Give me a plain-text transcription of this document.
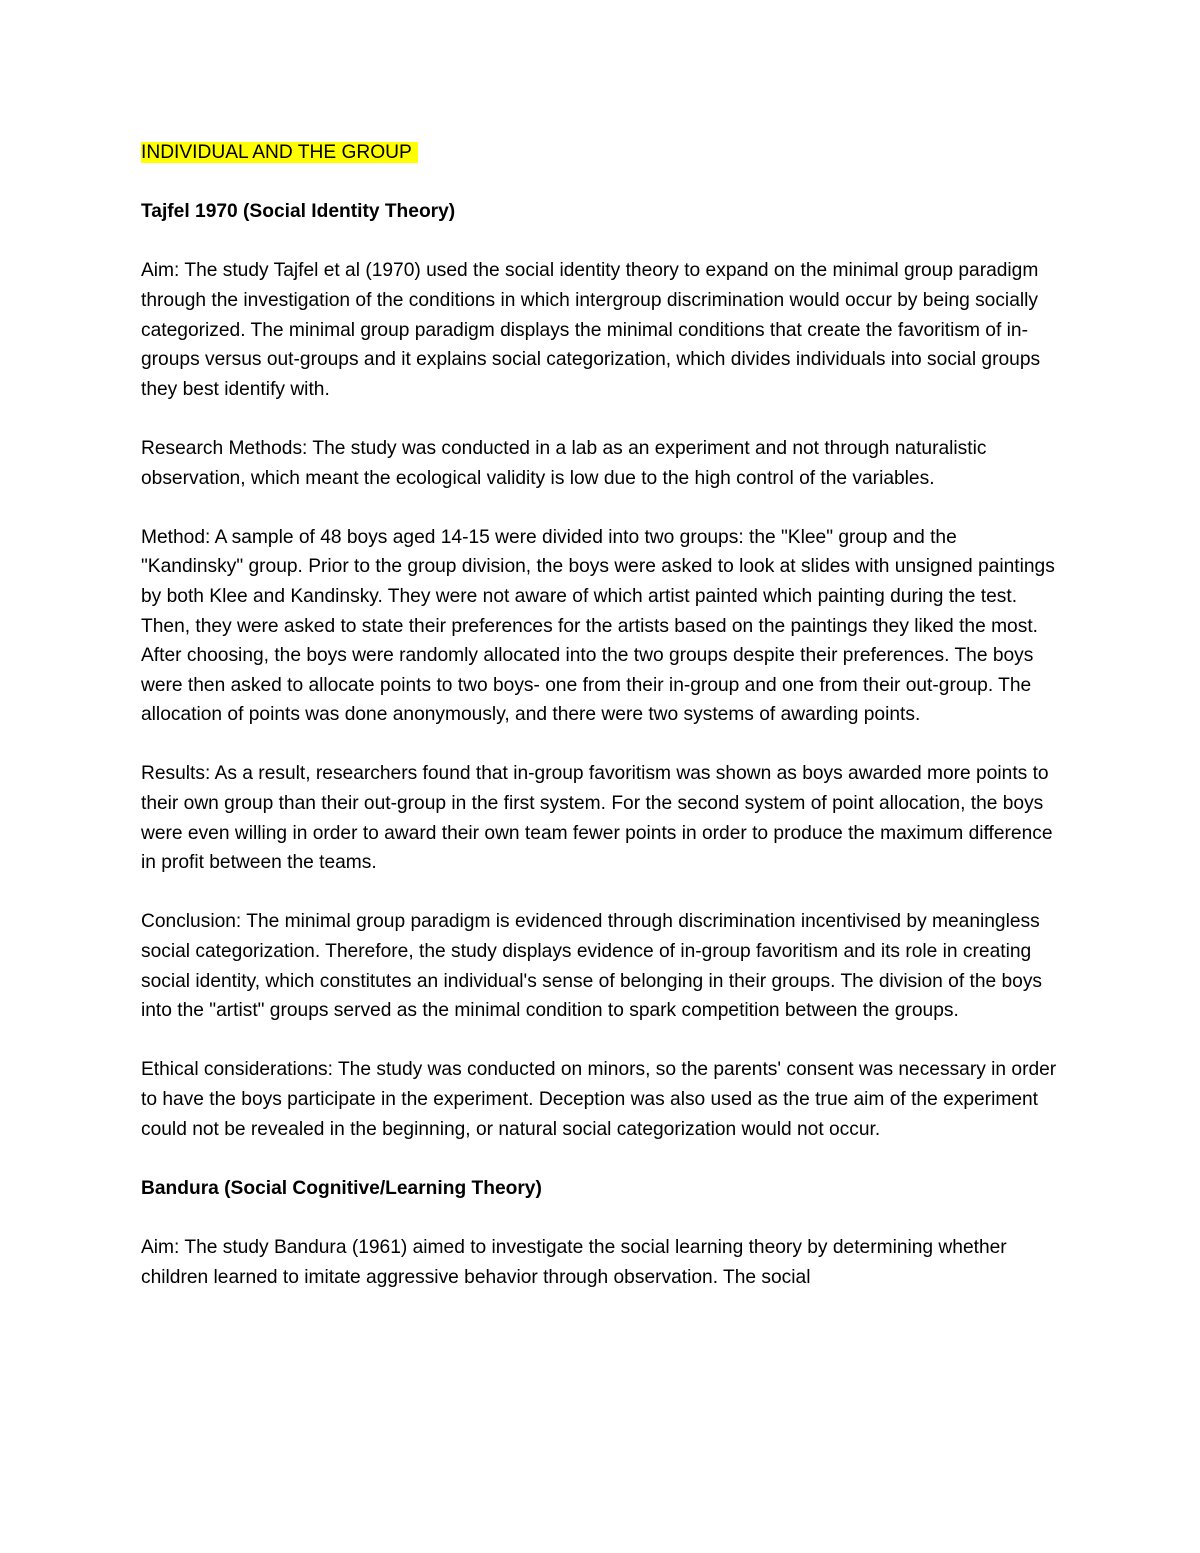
INDIVIDUAL AND THE GROUP
Tajfel 1970 (Social Identity Theory)

Aim: The study Tajfel et al (1970) used the social identity theory to expand on the minimal group paradigm through the investigation of the conditions in which intergroup discrimination would occur by being socially categorized. The minimal group paradigm displays the minimal conditions that create the favoritism of in-groups versus out-groups and it explains social categorization, which divides individuals into social groups they best identify with.

Research Methods: The study was conducted in a lab as an experiment and not through naturalistic observation, which meant the ecological validity is low due to the high control of the variables.

Method: A sample of 48 boys aged 14-15 were divided into two groups: the "Klee" group and the "Kandinsky" group. Prior to the group division, the boys were asked to look at slides with unsigned paintings by both Klee and Kandinsky. They were not aware of which artist painted which painting during the test. Then, they were asked to state their preferences for the artists based on the paintings they liked the most. After choosing, the boys were randomly allocated into the two groups despite their preferences. The boys were then asked to allocate points to two boys- one from their in-group and one from their out-group. The allocation of points was done anonymously, and there were two systems of awarding points.

Results: As a result, researchers found that in-group favoritism was shown as boys awarded more points to their own group than their out-group in the first system. For the second system of point allocation, the boys were even willing in order to award their own team fewer points in order to produce the maximum difference in profit between the teams.

Conclusion: The minimal group paradigm is evidenced through discrimination incentivised by meaningless social categorization. Therefore, the study displays evidence of in-group favoritism and its role in creating social identity, which constitutes an individual's sense of belonging in their groups. The division of the boys into the "artist" groups served as the minimal condition to spark competition between the groups.

Ethical considerations: The study was conducted on minors, so the parents' consent was necessary in order to have the boys participate in the experiment. Deception was also used as the true aim of the experiment could not be revealed in the beginning, or natural social categorization would not occur.

Bandura (Social Cognitive/Learning Theory)

Aim: The study Bandura (1961) aimed to investigate the social learning theory by determining whether children learned to imitate aggressive behavior through observation. The social
